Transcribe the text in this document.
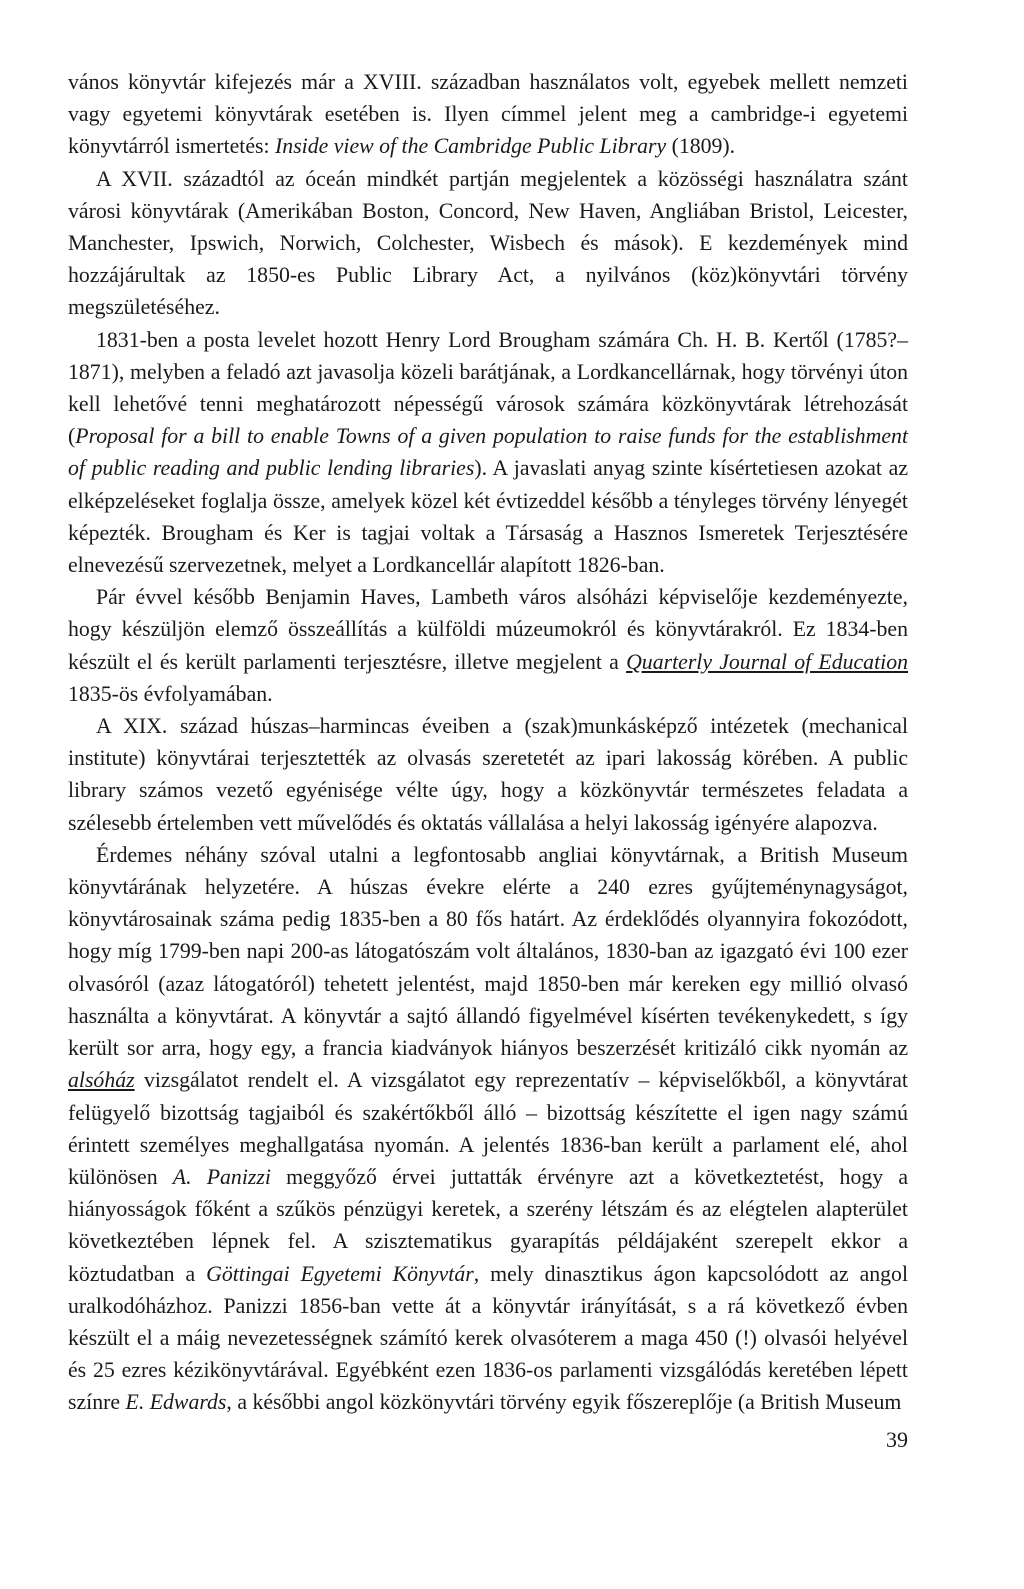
vános könyvtár kifejezés már a XVIII. században használatos volt, egyebek mellett nemzeti vagy egyetemi könyvtárak esetében is. Ilyen címmel jelent meg a cambridge-i egyetemi könyvtárról ismertetés: Inside view of the Cambridge Public Library (1809).

A XVII. századtól az óceán mindkét partján megjelentek a közösségi használatra szánt városi könyvtárak (Amerikában Boston, Concord, New Haven, Angliában Bristol, Leicester, Manchester, Ipswich, Norwich, Colchester, Wisbech és mások). E kezdemények mind hozzájárultak az 1850-es Public Library Act, a nyilvános (köz)könyvtári törvény megszületéséhez.

1831-ben a posta levelet hozott Henry Lord Brougham számára Ch. H. B. Kertől (1785?–1871), melyben a feladó azt javasolja közeli barátjának, a Lordkancellárnak, hogy törvényi úton kell lehetővé tenni meghatározott népességű városok számára közkönyvtárak létrehozását (Proposal for a bill to enable Towns of a given population to raise funds for the establishment of public reading and public lending libraries). A javaslati anyag szinte kísértetiesen azokat az elképzeléseket foglalja össze, amelyek közel két évtizeddel később a tényleges törvény lényegét képezték. Brougham és Ker is tagjai voltak a Társaság a Hasznos Ismeretek Terjesztésére elnevezésű szervezetnek, melyet a Lordkancellár alapított 1826-ban.

Pár évvel később Benjamin Haves, Lambeth város alsóházi képviselője kezdeményezte, hogy készüljön elemző összeállítás a külföldi múzeumokról és könyvtárakról. Ez 1834-ben készült el és került parlamenti terjesztésre, illetve megjelent a Quarterly Journal of Education 1835-ös évfolyamában.

A XIX. század húszas–harmincas éveiben a (szak)munkásképző intézetek (mechanical institute) könyvtárai terjesztették az olvasás szeretetét az ipari lakosság körében. A public library számos vezető egyénisége vélte úgy, hogy a közkönyvtár természetes feladata a szélesebb értelemben vett művelődés és oktatás vállalása a helyi lakosság igényére alapozva.

Érdemes néhány szóval utalni a legfontosabb angliai könyvtárnak, a British Museum könyvtárának helyzetére. A húszas évekre elérte a 240 ezres gyűjteménynagyságot, könyvtárosainak száma pedig 1835-ben a 80 fős határt. Az érdeklődés olyannyira fokozódott, hogy míg 1799-ben napi 200-as látogatószám volt általános, 1830-ban az igazgató évi 100 ezer olvasóról (azaz látogatóról) tehetett jelentést, majd 1850-ben már kereken egy millió olvasó használta a könyvtárat. A könyvtár a sajtó állandó figyelmével kísérten tevékenykedett, s így került sor arra, hogy egy, a francia kiadványok hiányos beszerzését kritizáló cikk nyomán az alsóház vizsgálatot rendelt el. A vizsgálatot egy reprezentatív – képviselőkből, a könyvtárat felügyelő bizottság tagjaiból és szakértőkből álló – bizottság készítette el igen nagy számú érintett személyes meghallgatása nyomán. A jelentés 1836-ban került a parlament elé, ahol különösen A. Panizzi meggyőző érvei juttatták érvényre azt a következtetést, hogy a hiányosságok főként a szűkös pénzügyi keretek, a szerény létszám és az elégtelen alapterület következtében lépnek fel. A szisztematikus gyarapítás példájaként szerepelt ekkor a köztudatban a Göttingai Egyetemi Könyvtár, mely dinasztikus ágon kapcsolódott az angol uralkodóházhoz. Panizzi 1856-ban vette át a könyvtár irányítását, s a rá következő évben készült el a máig nevezetességnek számító kerek olvasóterem a maga 450 (!) olvasói helyével és 25 ezres kézikönyvtárával. Egyébként ezen 1836-os parlamenti vizsgálódás keretében lépett színre E. Edwards, a későbbi angol közkönyvtári törvény egyik főszereplője (a British Museum

39
